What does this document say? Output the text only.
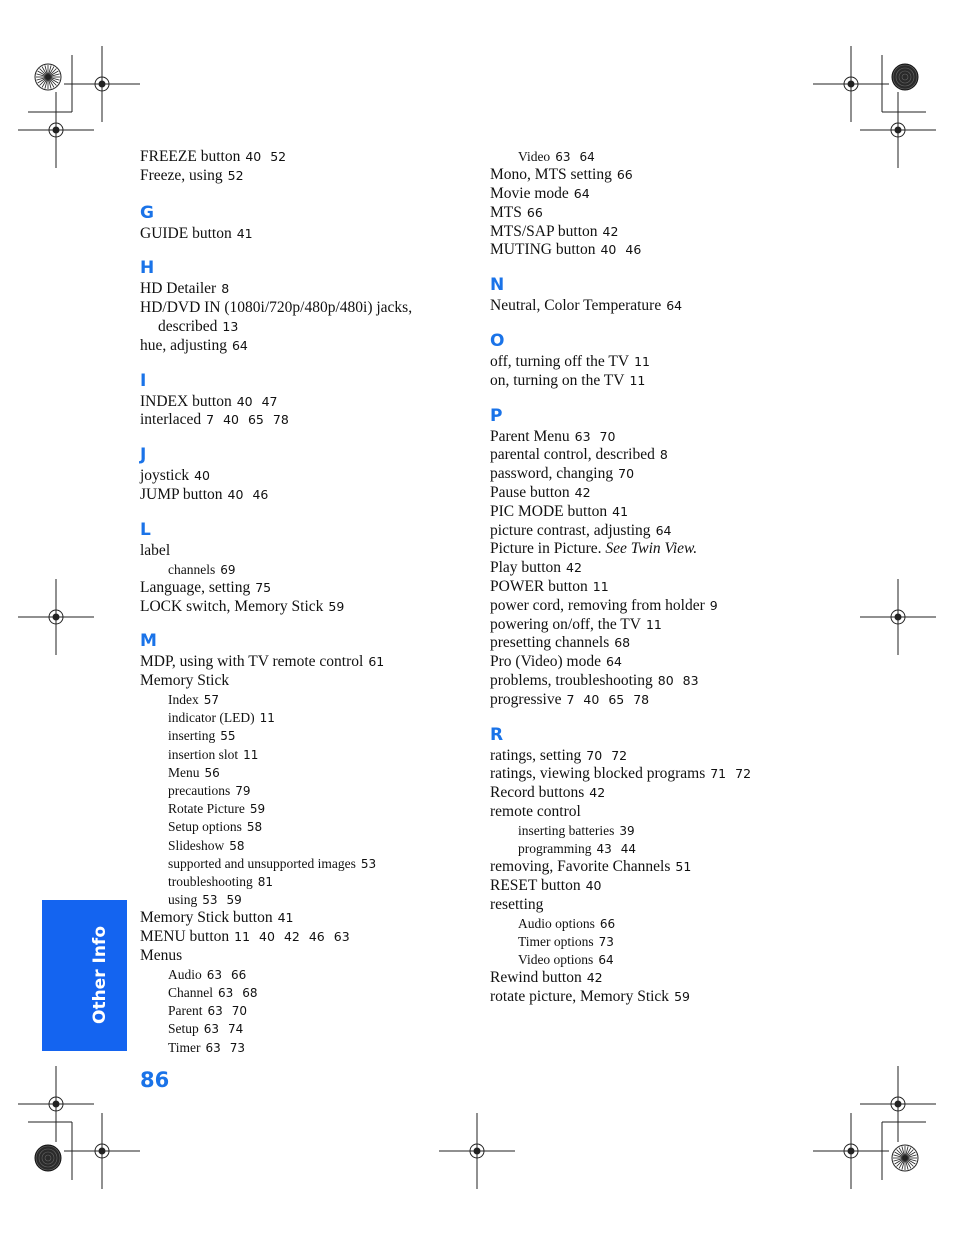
FREEZE button 40 52
Freeze, using 52
G
GUIDE button 41
H
HD Detailer 8
HD/DVD IN (1080i/720p/480p/480i) jacks,
described 13
hue, adjusting 64
I
INDEX button 40 47
interlaced 7 40 65 78
J
joystick 40
JUMP button 40 46
L
label
channels 69
Language, setting 75
LOCK switch, Memory Stick 59
M
MDP, using with TV remote control 61
Memory Stick
Index 57
indicator (LED) 11
inserting 55
insertion slot 11
Menu 56
precautions 79
Rotate Picture 59
Setup options 58
Slideshow 58
supported and unsupported images 53
troubleshooting 81
using 53 59
Memory Stick button 41
MENU button 11 40 42 46 63
Menus
Audio 63 66
Channel 63 68
Parent 63 70
Setup 63 74
Timer 63 73
Video 63 64
Mono, MTS setting 66
Movie mode 64
MTS 66
MTS/SAP button 42
MUTING button 40 46
N
Neutral, Color Temperature 64
O
off, turning off the TV 11
on, turning on the TV 11
P
Parent Menu 63 70
parental control, described 8
password, changing 70
Pause button 42
PIC MODE button 41
picture contrast, adjusting 64
Picture in Picture. See Twin View.
Play button 42
POWER button 11
power cord, removing from holder 9
powering on/off, the TV 11
presetting channels 68
Pro (Video) mode 64
problems, troubleshooting 80 83
progressive 7 40 65 78
R
ratings, setting 70 72
ratings, viewing blocked programs 71 72
Record buttons 42
remote control
inserting batteries 39
programming 43 44
removing, Favorite Channels 51
RESET button 40
resetting
Audio options 66
Timer options 73
Video options 64
Rewind button 42
rotate picture, Memory Stick 59
Other Info
86
